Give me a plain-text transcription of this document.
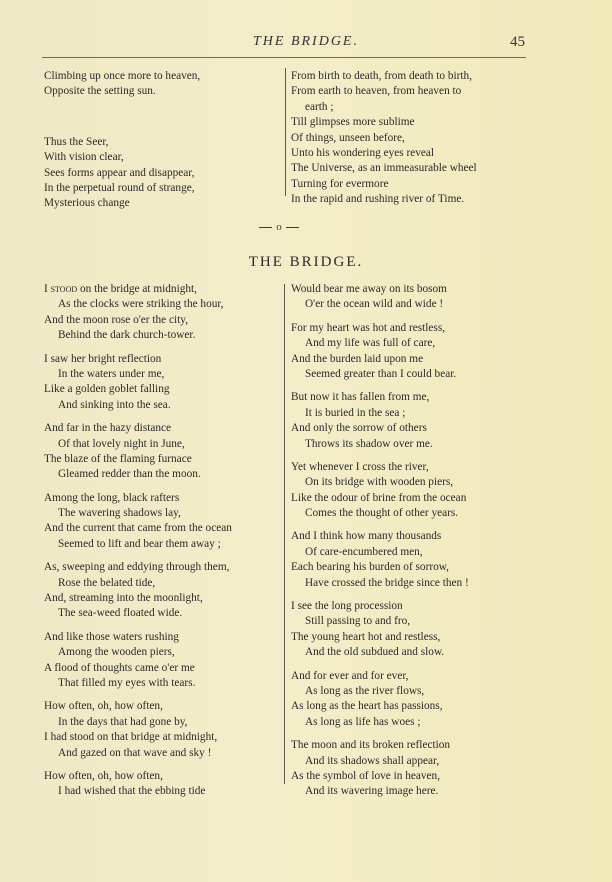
THE BRIDGE.	45
Climbing up once more to heaven,
Opposite the setting sun.
Thus the Seer,
With vision clear,
Sees forms appear and disappear,
In the perpetual round of strange,
Mysterious change
From birth to death, from death to birth,
From earth to heaven, from heaven to
earth ;
Till glimpses more sublime
Of things, unseen before,
Unto his wondering eyes reveal
The Universe, as an immeasurable wheel
Turning for evermore
In the rapid and rushing river of Time.
o
THE BRIDGE.
I stood on the bridge at midnight,
As the clocks were striking the hour,
And the moon rose o'er the city,
Behind the dark church-tower.
I saw her bright reflection
In the waters under me,
Like a golden goblet falling
And sinking into the sea.
And far in the hazy distance
Of that lovely night in June,
The blaze of the flaming furnace
Gleamed redder than the moon.
Among the long, black rafters
The wavering shadows lay,
And the current that came from the ocean
Seemed to lift and bear them away ;
As, sweeping and eddying through them,
Rose the belated tide,
And, streaming into the moonlight,
The sea-weed floated wide.
And like those waters rushing
Among the wooden piers,
A flood of thoughts came o'er me
That filled my eyes with tears.
How often, oh, how often,
In the days that had gone by,
I had stood on that bridge at midnight,
And gazed on that wave and sky !
How often, oh, how often,
I had wished that the ebbing tide
Would bear me away on its bosom
O'er the ocean wild and wide !
For my heart was hot and restless,
And my life was full of care,
And the burden laid upon me
Seemed greater than I could bear.
But now it has fallen from me,
It is buried in the sea ;
And only the sorrow of others
Throws its shadow over me.
Yet whenever I cross the river,
On its bridge with wooden piers,
Like the odour of brine from the ocean
Comes the thought of other years.
And I think how many thousands
Of care-encumbered men,
Each bearing his burden of sorrow,
Have crossed the bridge since then !
I see the long procession
Still passing to and fro,
The young heart hot and restless,
And the old subdued and slow.
And for ever and for ever,
As long as the river flows,
As long as the heart has passions,
As long as life has woes ;
The moon and its broken reflection
And its shadows shall appear,
As the symbol of love in heaven,
And its wavering image here.
